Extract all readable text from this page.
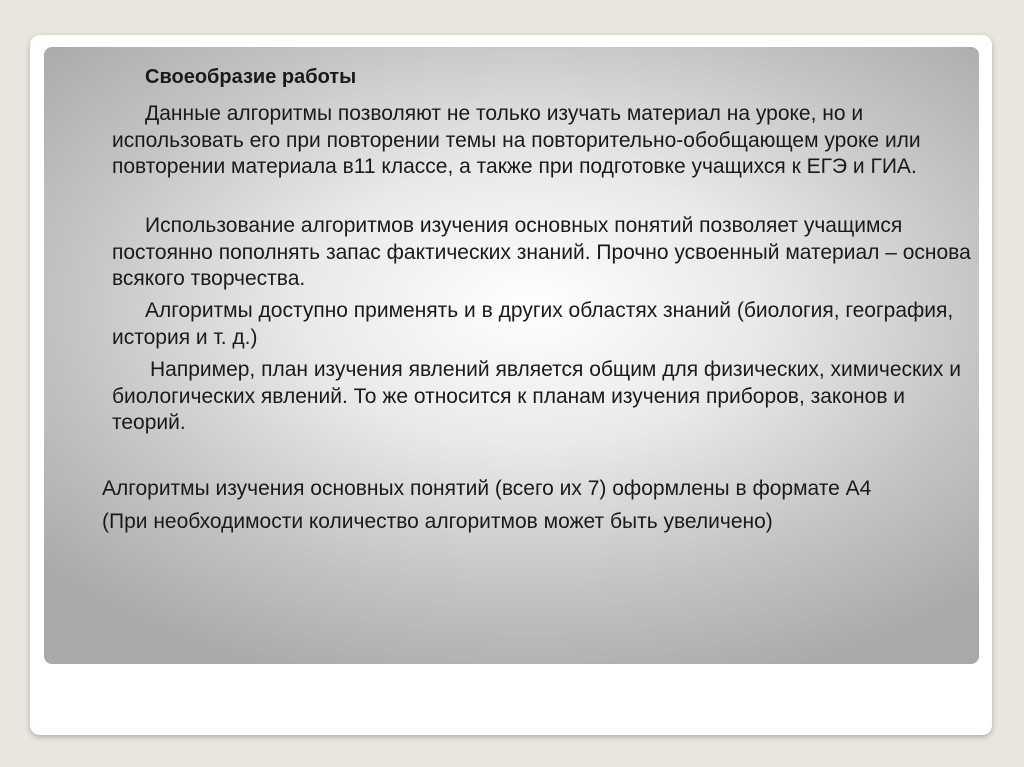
Своеобразие работы

Данные алгоритмы позволяют не только изучать материал на уроке, но и использовать его при повторении темы на повторительно-обобщающем уроке или повторении материала в11 классе, а также при подготовке учащихся к ЕГЭ и ГИА.

Использование алгоритмов изучения основных понятий позволяет учащимся постоянно пополнять запас фактических знаний. Прочно усвоенный материал – основа всякого творчества.

Алгоритмы доступно применять и в других областях знаний (биология, география, история и т. д.)

Например, план изучения явлений является общим для физических, химических и биологических явлений. То же относится к планам изучения приборов, законов и теорий.

Алгоритмы изучения основных понятий (всего их 7) оформлены в формате А4

(При необходимости количество алгоритмов может быть увеличено)
